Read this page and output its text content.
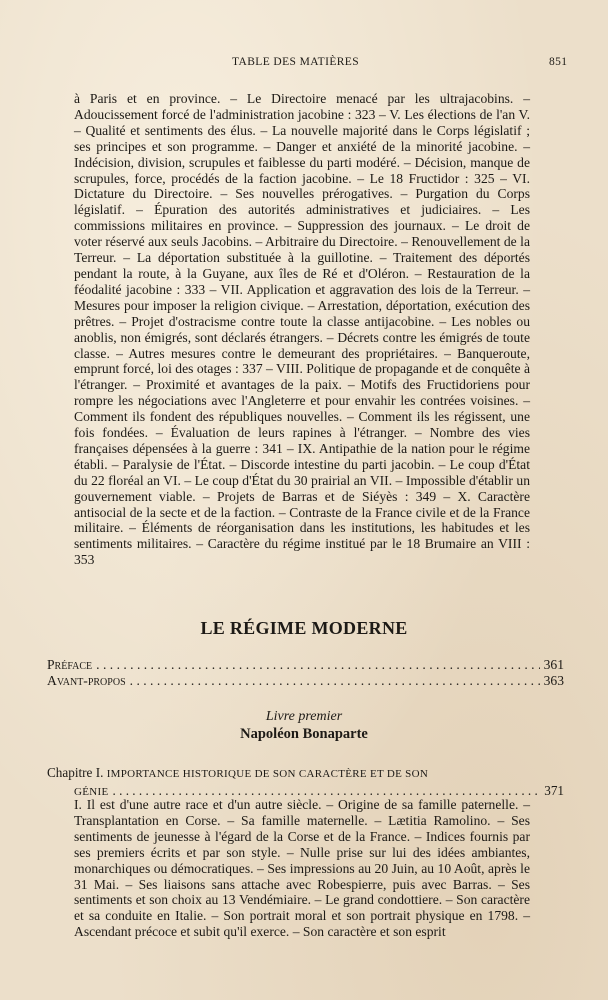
TABLE DES MATIÈRES	851
à Paris et en province. – Le Directoire menacé par les ultrajacobins. – Adoucissement forcé de l'administration jacobine : 323 – V. Les élections de l'an V. – Qualité et sentiments des élus. – La nouvelle majorité dans le Corps législatif ; ses principes et son programme. – Danger et anxiété de la minorité jacobine. – Indécision, division, scrupules et faiblesse du parti modéré. – Décision, manque de scrupules, force, procédés de la faction jacobine. – Le 18 Fructidor : 325 – VI. Dictature du Directoire. – Ses nouvelles prérogatives. – Purgation du Corps législatif. – Épuration des autorités administratives et judiciaires. – Les commissions militaires en province. – Suppression des journaux. – Le droit de voter réservé aux seuls Jacobins. – Arbitraire du Directoire. – Renouvellement de la Terreur. – La déportation substituée à la guillotine. – Traitement des déportés pendant la route, à la Guyane, aux îles de Ré et d'Oléron. – Restauration de la féodalité jacobine : 333 – VII. Application et aggravation des lois de la Terreur. – Mesures pour imposer la religion civique. – Arrestation, déportation, exécution des prêtres. – Projet d'ostracisme contre toute la classe antijacobine. – Les nobles ou anoblis, non émigrés, sont déclarés étrangers. – Décrets contre les émigrés de toute classe. – Autres mesures contre le demeurant des propriétaires. – Banqueroute, emprunt forcé, loi des otages : 337 – VIII. Politique de propagande et de conquête à l'étranger. – Proximité et avantages de la paix. – Motifs des Fructidoriens pour rompre les négociations avec l'Angleterre et pour envahir les contrées voisines. – Comment ils fondent des républiques nouvelles. – Comment ils les régissent, une fois fondées. – Évaluation de leurs rapines à l'étranger. – Nombre des vies françaises dépensées à la guerre : 341 – IX. Antipathie de la nation pour le régime établi. – Paralysie de l'État. – Discorde intestine du parti jacobin. – Le coup d'État du 22 floréal an VI. – Le coup d'État du 30 prairial an VII. – Impossible d'établir un gouvernement viable. – Projets de Barras et de Siéyès : 349 – X. Caractère antisocial de la secte et de la faction. – Contraste de la France civile et de la France militaire. – Éléments de réorganisation dans les institutions, les habitudes et les sentiments militaires. – Caractère du régime institué par le 18 Brumaire an VIII : 353
LE RÉGIME MODERNE
Préface . . .	361
Avant-propos . . .	363
Livre premier
Napoléon Bonaparte
Chapitre I. IMPORTANCE HISTORIQUE DE SON CARACTÈRE ET DE SON
GÉNIE . . .	371
I. Il est d'une autre race et d'un autre siècle. – Origine de sa famille paternelle. – Transplantation en Corse. – Sa famille maternelle. – Lætitia Ramolino. – Ses sentiments de jeunesse à l'égard de la Corse et de la France. – Indices fournis par ses premiers écrits et par son style. – Nulle prise sur lui des idées ambiantes, monarchiques ou démocratiques. – Ses impressions au 20 Juin, au 10 Août, après le 31 Mai. – Ses liaisons sans attache avec Robespierre, puis avec Barras. – Ses sentiments et son choix au 13 Vendémiaire. – Le grand condottiere. – Son caractère et sa conduite en Italie. – Son portrait moral et son portrait physique en 1798. – Ascendant précoce et subit qu'il exerce. – Son caractère et son esprit
